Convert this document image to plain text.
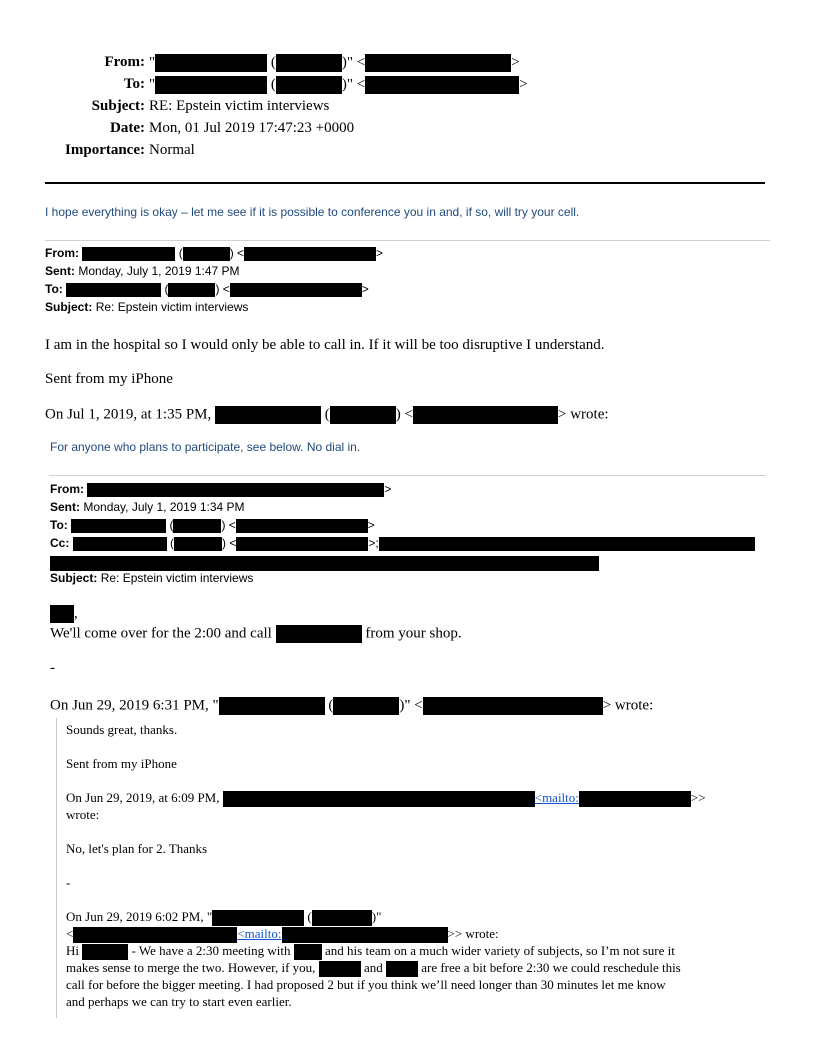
From: "	(	)" <	>
To: "	(	)" <	>
Subject: RE: Epstein victim interviews
Date: Mon, 01 Jul 2019 17:47:23 +0000
Importance: Normal
I hope everything is okay – let me see if it is possible to conference you in and, if so, will try your cell.
From:	(	) <	>
Sent: Monday, July 1, 2019 1:47 PM
To:	(	) <	>
Subject: Re: Epstein victim interviews
I am in the hospital so I would only be able to call in. If it will be too disruptive I understand.
Sent from my iPhone
On Jul 1, 2019, at 1:35 PM,	(	) <	> wrote:
For anyone who plans to participate, see below. No dial in.
From:	>
Sent: Monday, July 1, 2019 1:34 PM
To:	(	) <	>
Cc:	(	) <	>;
Subject: Re: Epstein victim interviews
,
We'll come over for the 2:00 and call	from your shop.
-
On Jun 29, 2019 6:31 PM, "	(	)" <	> wrote:
Sounds great, thanks.
Sent from my iPhone
On Jun 29, 2019, at 6:09 PM,	<mailto:	>>
wrote:
No, let's plan for 2. Thanks
-
On Jun 29, 2019 6:02 PM, "	(	)"
<	<mailto:	>> wrote:
Hi	- We have a 2:30 meeting with	and his team on a much wider variety of subjects, so I’m not sure it
makes sense to merge the two. However, if you,	and	are free a bit before 2:30 we could reschedule this
call for before the bigger meeting. I had proposed 2 but if you think we’ll need longer than 30 minutes let me know
and perhaps we can try to start even earlier.
